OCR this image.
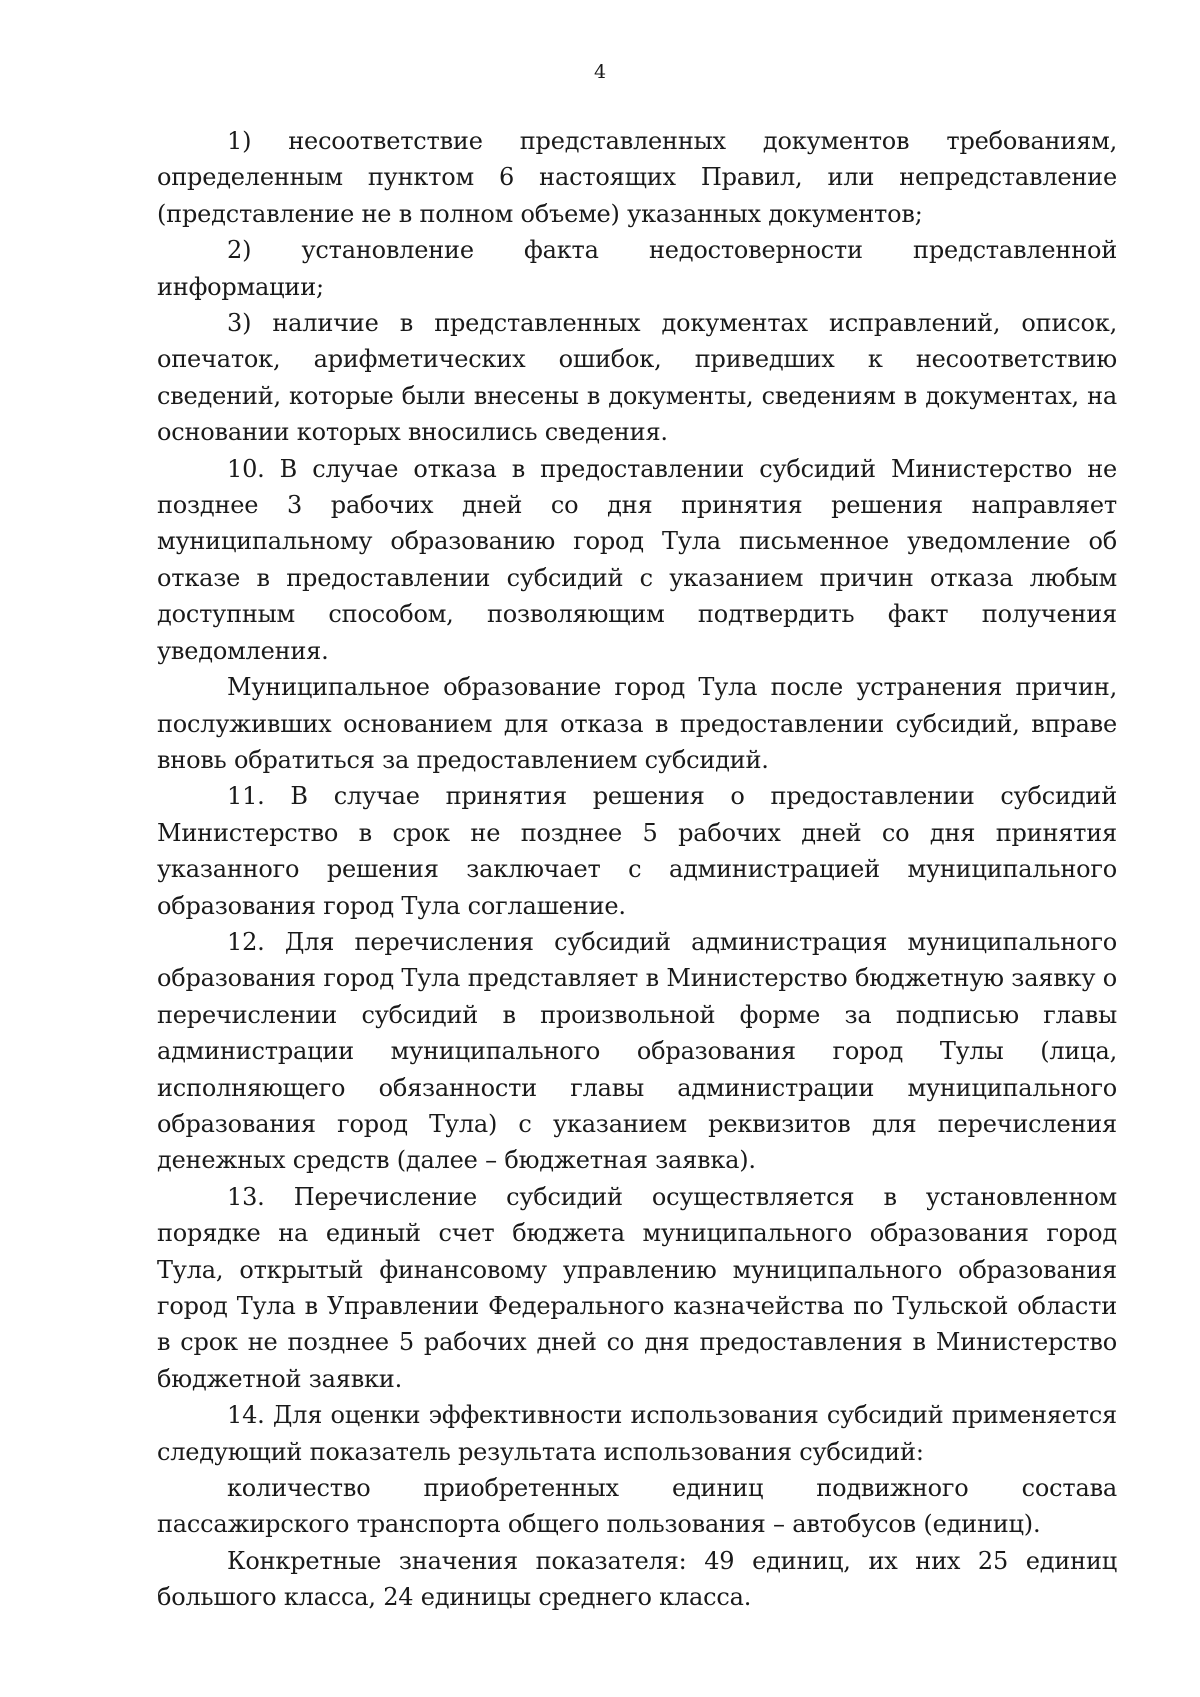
4

1) несоответствие представленных документов требованиям, определенным пунктом 6 настоящих Правил, или непредставление (представление не в полном объеме) указанных документов;

2) установление факта недостоверности представленной информации;

3) наличие в представленных документах исправлений, описок, опечаток, арифметических ошибок, приведших к несоответствию сведений, которые были внесены в документы, сведениям в документах, на основании которых вносились сведения.

10. В случае отказа в предоставлении субсидий Министерство не позднее 3 рабочих дней со дня принятия решения направляет муниципальному образованию город Тула письменное уведомление об отказе в предоставлении субсидий с указанием причин отказа любым доступным способом, позволяющим подтвердить факт получения уведомления.

Муниципальное образование город Тула после устранения причин, послуживших основанием для отказа в предоставлении субсидий, вправе вновь обратиться за предоставлением субсидий.

11. В случае принятия решения о предоставлении субсидий Министерство в срок не позднее 5 рабочих дней со дня принятия указанного решения заключает с администрацией муниципального образования город Тула соглашение.

12. Для перечисления субсидий администрация муниципального образования город Тула представляет в Министерство бюджетную заявку о перечислении субсидий в произвольной форме за подписью главы администрации муниципального образования город Тулы (лица, исполняющего обязанности главы администрации муниципального образования город Тула) с указанием реквизитов для перечисления денежных средств (далее – бюджетная заявка).

13. Перечисление субсидий осуществляется в установленном порядке на единый счет бюджета муниципального образования город Тула, открытый финансовому управлению муниципального образования город Тула в Управлении Федерального казначейства по Тульской области в срок не позднее 5 рабочих дней со дня предоставления в Министерство бюджетной заявки.

14. Для оценки эффективности использования субсидий применяется следующий показатель результата использования субсидий:

количество приобретенных единиц подвижного состава пассажирского транспорта общего пользования – автобусов (единиц).

Конкретные значения показателя: 49 единиц, их них 25 единиц большого класса, 24 единицы среднего класса.
